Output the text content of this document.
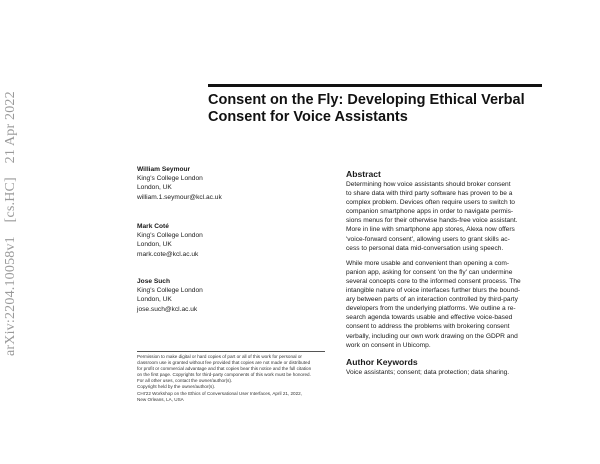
arXiv:2204.10058v1 [cs.HC] 21 Apr 2022	Consent on the Fly: Developing Ethical Verbal
Consent for Voice Assistants
William Seymour
King's College London
London, UK
william.1.seymour@kcl.ac.uk
Mark Coté
King's College London
London, UK
mark.cote@kcl.ac.uk
Jose Such
King's College London
London, UK
jose.such@kcl.ac.uk
Permission to make digital or hard copies of part or all of this work for personal or
classroom use is granted without fee provided that copies are not made or distributed
for profit or commercial advantage and that copies bear this notice and the full citation
on the first page. Copyrights for third-party components of this work must be honored.
For all other uses, contact the owner/author(s).
Copyright held by the owner/author(s).
CHI'22 Workshop on the Ethics of Conversational User Interfaces, April 21, 2022,
New Orleans, LA, USA

Abstract

Determining how voice assistants should broker consent

to share data with third party software has proven to be a

complex problem. Devices often require users to switch to

companion smartphone apps in order to navigate permis-

sions menus for their otherwise hands-free voice assistant.

More in line with smartphone app stores, Alexa now offers

'voice-forward consent', allowing users to grant skills ac-

cess to personal data mid-conversation using speech.

While more usable and convenient than opening a com-

panion app, asking for consent 'on the fly' can undermine

several concepts core to the informed consent process. The

intangible nature of voice interfaces further blurs the bound-

ary between parts of an interaction controlled by third-party

developers from the underlying platforms. We outline a re-

search agenda towards usable and effective voice-based

consent to address the problems with brokering consent

verbally, including our own work drawing on the GDPR and

work on consent in Ubicomp.

Author Keywords

Voice assistants; consent; data protection; data sharing.
